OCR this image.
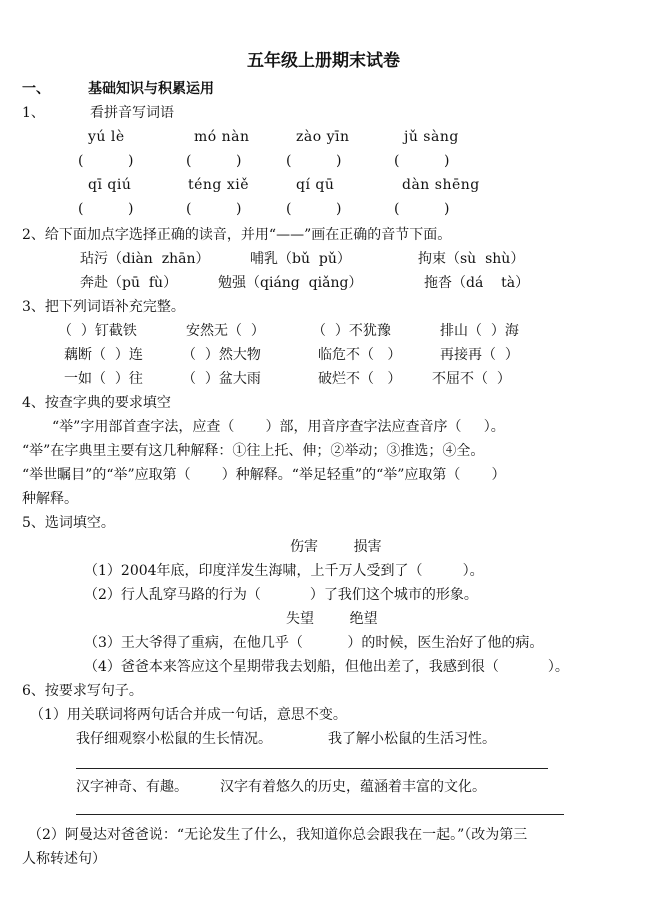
五年级上册期末试卷
一、	基础知识与积累运用
1、	看拼音写词语
yú lè	mó nàn	zào yīn	jǔ sàng
(          )	(          )	(          )	(          )
qī qiú	téng xiě	qí qū	dàn shēng
(          )	(          )	(          )	(          )
2、给下面加点字选择正确的读音，并用“——”画在正确的音节下面。
玷污（diàn  zhān）	哺乳（bǔ  pǔ）	拘束（sù  shù）
奔赴（pū  fù）	勉强（qiáng  qiǎng）	拖沓（dá    tà）
3、把下列词语补充完整。
（  ）钉截铁	安然无（  ）	（  ）不犹豫	排山（  ）海
藕断（  ）连	（  ）然大物	临危不（   ）	再接再（  ）
一如（  ）往	（  ）盆大雨	破烂不（   ） 不屈不（  ）
4、按查字典的要求填空
“举”字用部首查字法，应查（       ）部，用音序查字法应查音序（     ）。
“举”在字典里主要有这几种解释：①往上托、伸；②举动；③推选；④全。
“举世瞩目”的“举”应取第（       ）种解释。“举足轻重”的“举”应取第（       ）
种解释。
5、选词填空。
伤害        损害
（1）2004年底，印度洋发生海啸，上千万人受到了（         ）。
（2）行人乱穿马路的行为（           ）了我们这个城市的形象。
失望        绝望
（3）王大爷得了重病，在他几乎（          ）的时候，医生治好了他的病。
（4）爸爸本来答应这个星期带我去划船，但他出差了，我感到很（           ）。
6、按要求写句子。
（1）用关联词将两句话合并成一句话，意思不变。
我仔细观察小松鼠的生长情况。	我了解小松鼠的生活习性。
汉字神奇、有趣。 汉字有着悠久的历史，蕴涵着丰富的文化。
（2）阿曼达对爸爸说：“无论发生了什么，我知道你总会跟我在一起。”（改为第三
人称转述句）
